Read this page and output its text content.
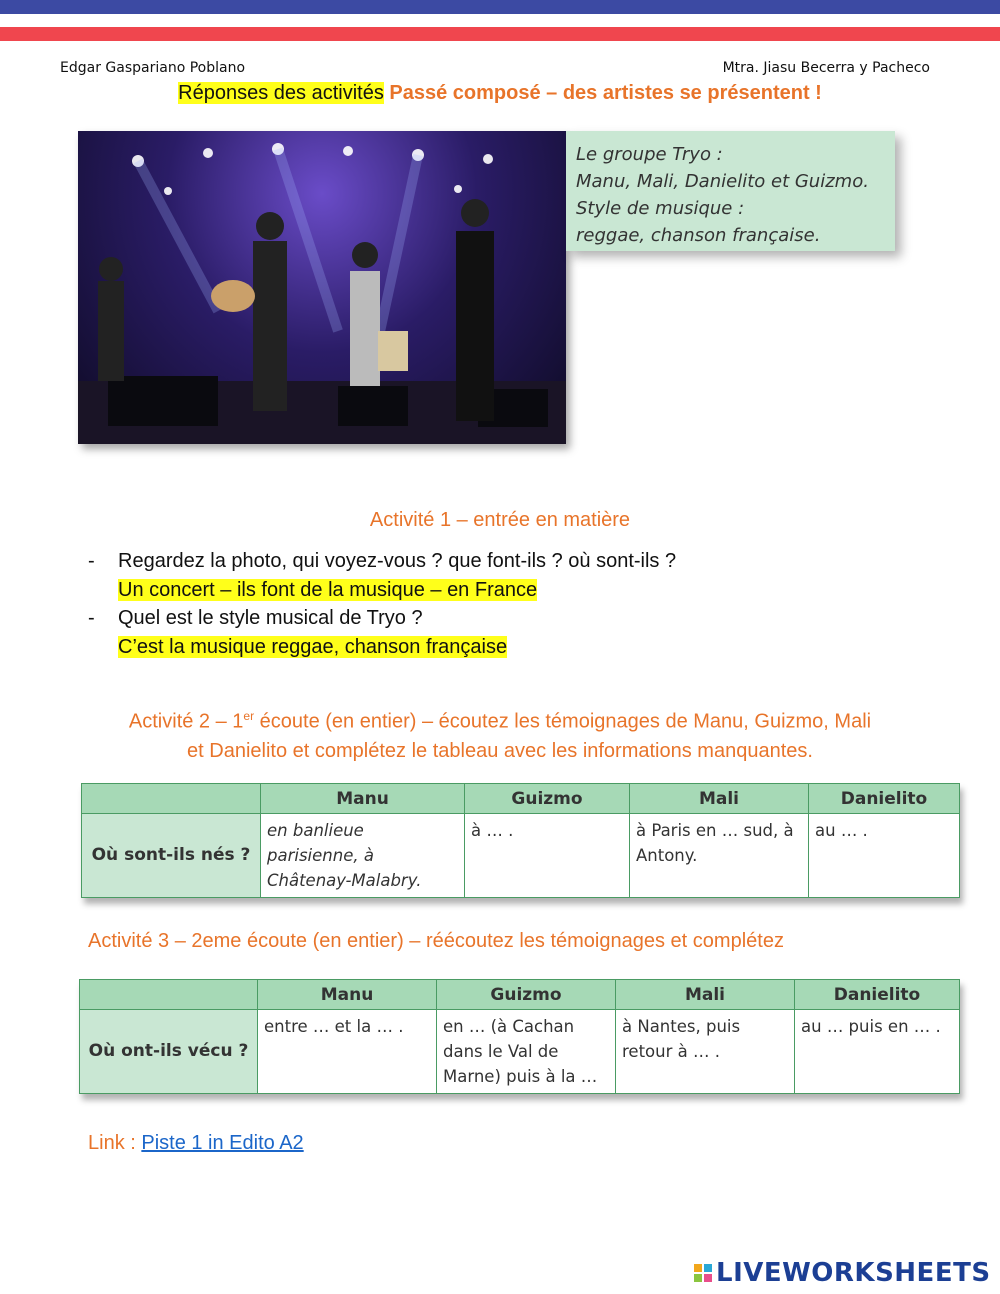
Edgar Gaspariano Poblano	Mtra. Jiasu Becerra y Pacheco
Réponses des activités Passé composé – des artistes se présentent !
Le groupe Tryo :
Manu, Mali, Danielito et Guizmo.
Style de musique :
reggae, chanson française.
Activité 1 – entrée en matière
-	Regardez la photo, qui voyez-vous ? que font-ils ? où sont-ils ?
Un concert – ils font de la musique – en France
-	Quel est le style musical de Tryo ?
C’est la musique reggae, chanson française
Activité 2 – 1er écoute (en entier) – écoutez les témoignages de Manu, Guizmo, Mali
et Danielito et complétez le tableau avec les informations manquantes.
	Manu	Guizmo	Mali	Danielito
Où sont-ils nés ?	en banlieue parisienne, à Châtenay-Malabry.	à … .	à Paris en … sud, à Antony.	au … .
Activité 3 – 2eme écoute (en entier) – réécoutez les témoignages et complétez
	Manu	Guizmo	Mali	Danielito
Où ont-ils vécu ?	entre … et la … .	en … (à Cachan dans le Val de Marne) puis à la …	à Nantes, puis retour à … .	au … puis en … .
Link : Piste 1 in Edito A2
LIVEWORKSHEETS
